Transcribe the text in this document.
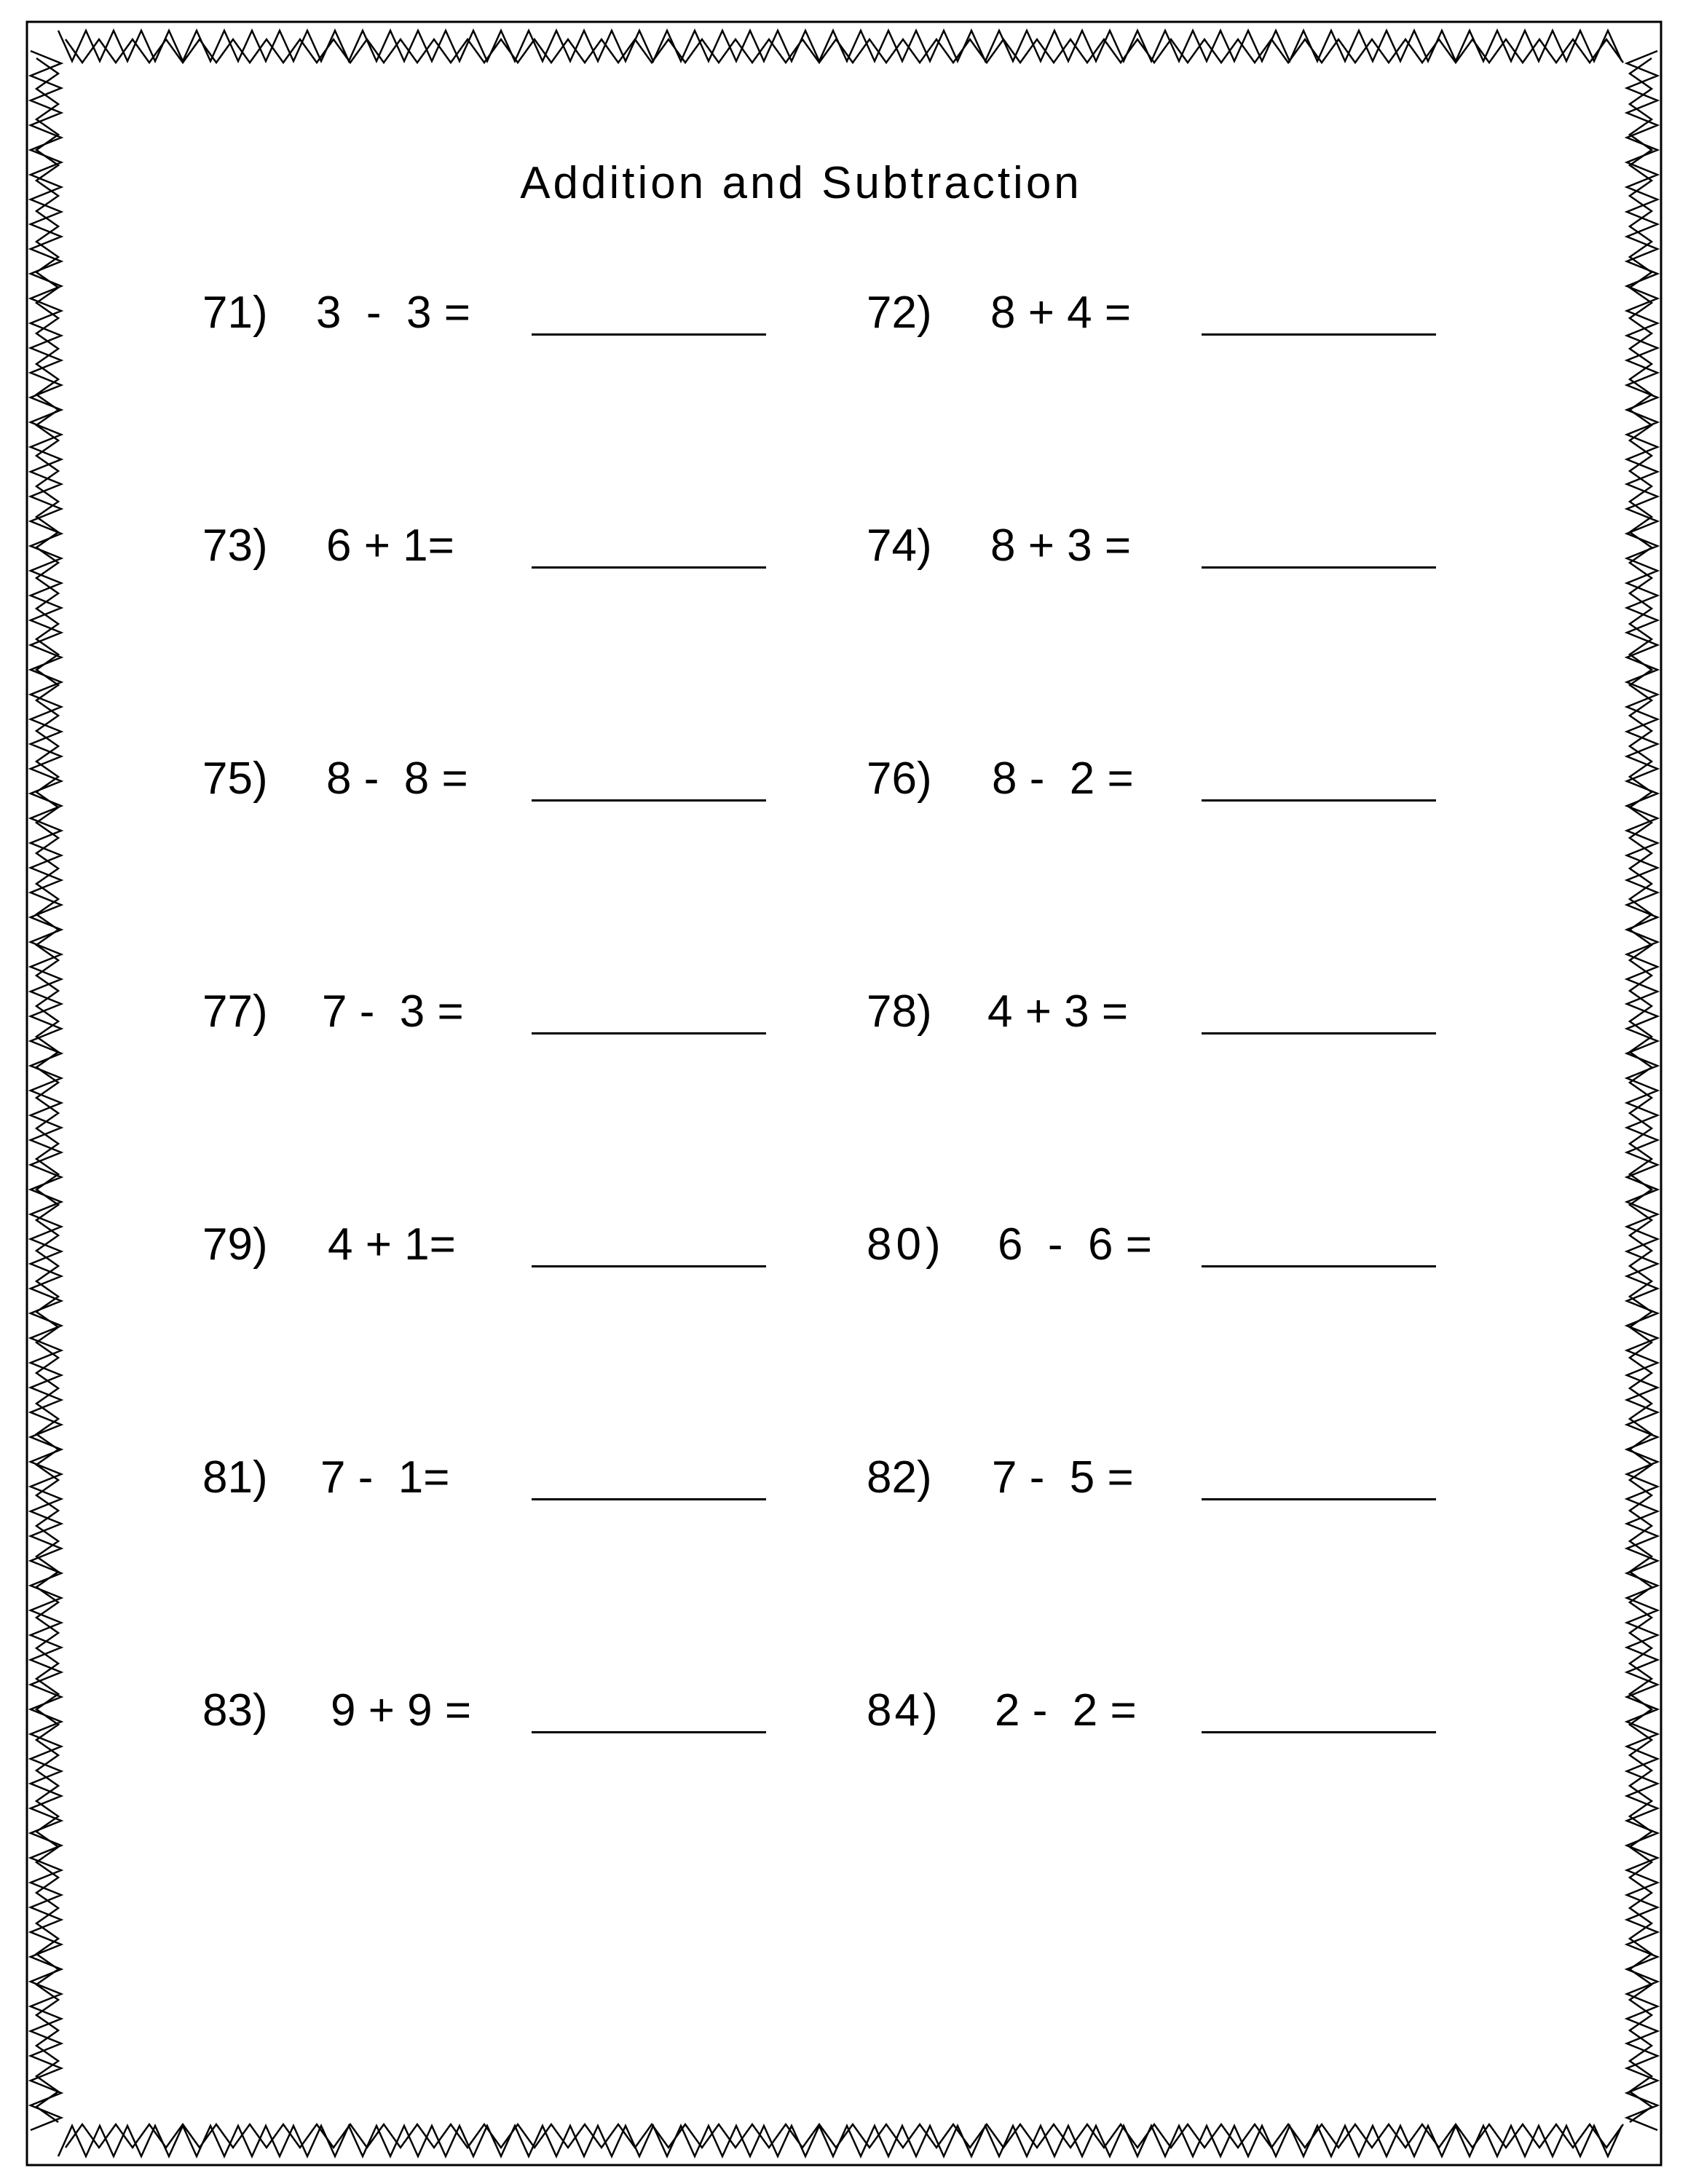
Addition and Subtraction
71) 3  -  3 =	72) 8 + 4 =
73) 6 + 1=	74) 8 + 3 =
75) 8 -  8 =	76) 8 -  2 =
77) 7 -  3 =	78) 4 + 3 =
79) 4 + 1=	80) 6  -  6 =
81) 7 -  1=	82) 7 -  5 =
83) 9 + 9 =	84) 2 -  2 =
